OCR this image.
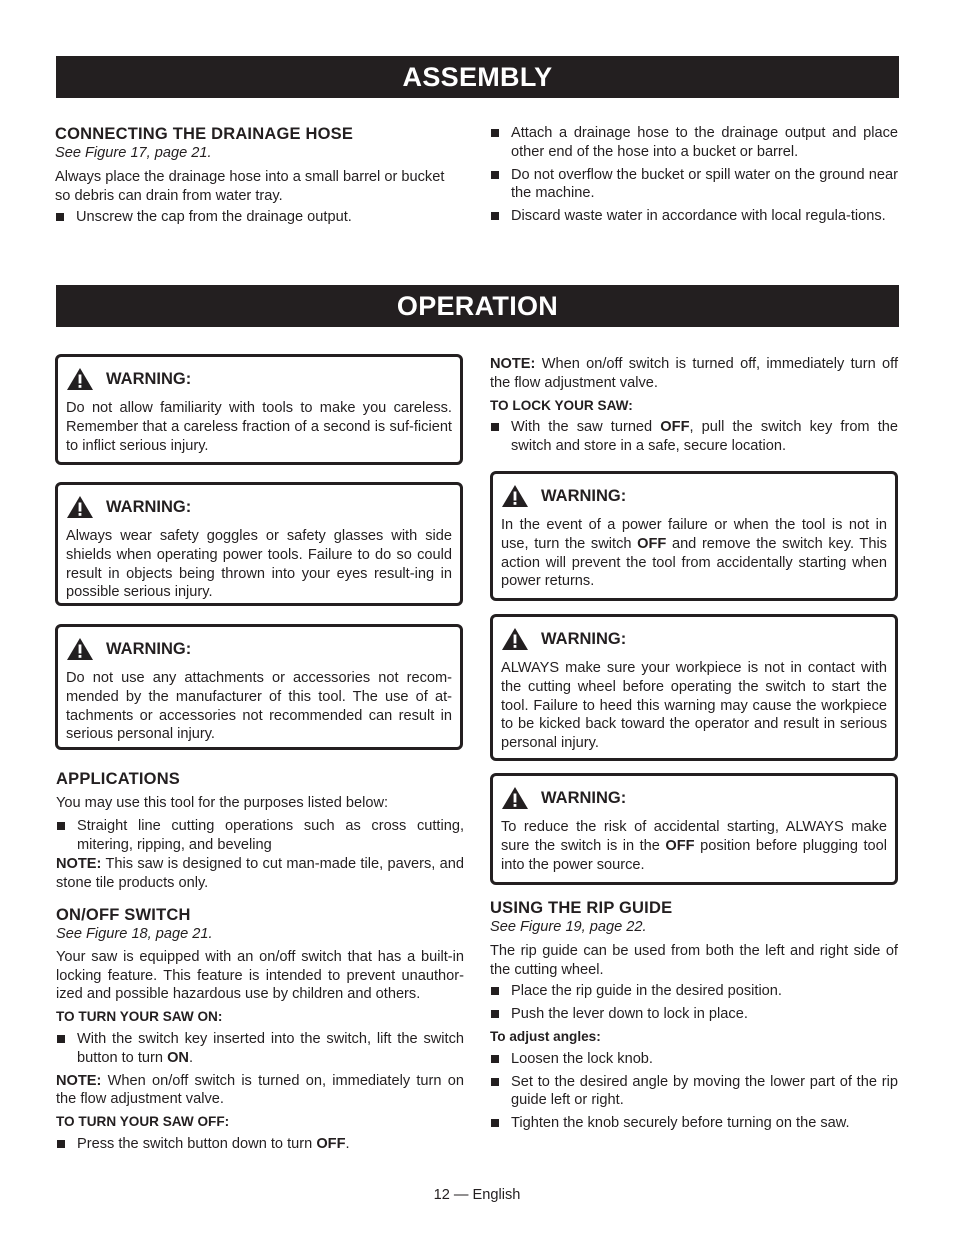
ASSEMBLY
CONNECTING THE DRAINAGE HOSE

See Figure 17, page 21.

Always place the drainage hose into a small barrel or bucket so debris can drain from water tray.

Unscrew the cap from the drainage output.
Attach a drainage hose to the drainage output and place other end of the hose into a bucket or barrel.
Do not overflow the bucket or spill water on the ground near the machine.
Discard waste water in accordance with local regula-tions.
OPERATION
WARNING:
Do not allow familiarity with tools to make you careless. Remember that a careless fraction of a second is suf-ficient to inflict serious injury.
WARNING:
Always wear safety goggles or safety glasses with side shields when operating power tools. Failure to do so could result in objects being thrown into your eyes result-ing in possible serious injury.
WARNING:
Do not use any attachments or accessories not recom-mended by the manufacturer of this tool. The use of at-tachments or accessories not recommended can result in serious personal injury.
APPLICATIONS

You may use this tool for the purposes listed below:

Straight line cutting operations such as cross cutting, mitering, ripping, and beveling

NOTE: This saw is designed to cut man-made tile, pavers, and stone tile products only.

ON/OFF SWITCH

See Figure 18, page 21.

Your saw is equipped with an on/off switch that has a built-in locking feature. This feature is intended to prevent unauthor-ized and possible hazardous use by children and others.

TO TURN YOUR SAW ON:

With the switch key inserted into the switch, lift the switch button to turn ON.

NOTE: When on/off switch is turned on, immediately turn on the flow adjustment valve.

TO TURN YOUR SAW OFF:

Press the switch button down to turn OFF.

NOTE: When on/off switch is turned off, immediately turn off the flow adjustment valve.

TO LOCK YOUR SAW:

With the saw turned OFF, pull the switch key from the switch and store in a safe, secure location.
WARNING:
In the event of a power failure or when the tool is not in use, turn the switch OFF and remove the switch key. This action will prevent the tool from accidentally starting when power returns.
WARNING:
ALWAYS make sure your workpiece is not in contact with the cutting wheel before operating the switch to start the tool. Failure to heed this warning may cause the workpiece to be kicked back toward the operator and result in serious personal injury.
WARNING:
To reduce the risk of accidental starting, ALWAYS make sure the switch is in the OFF position before plugging tool into the power source.
USING THE RIP GUIDE

See Figure 19, page 22.

The rip guide can be used from both the left and right side of the cutting wheel.

Place the rip guide in the desired position.
Push the lever down to lock in place.

To adjust angles:

Loosen the lock knob.
Set to the desired angle by moving the lower part of the rip guide left or right.
Tighten the knob securely before turning on the saw.
12 — English
